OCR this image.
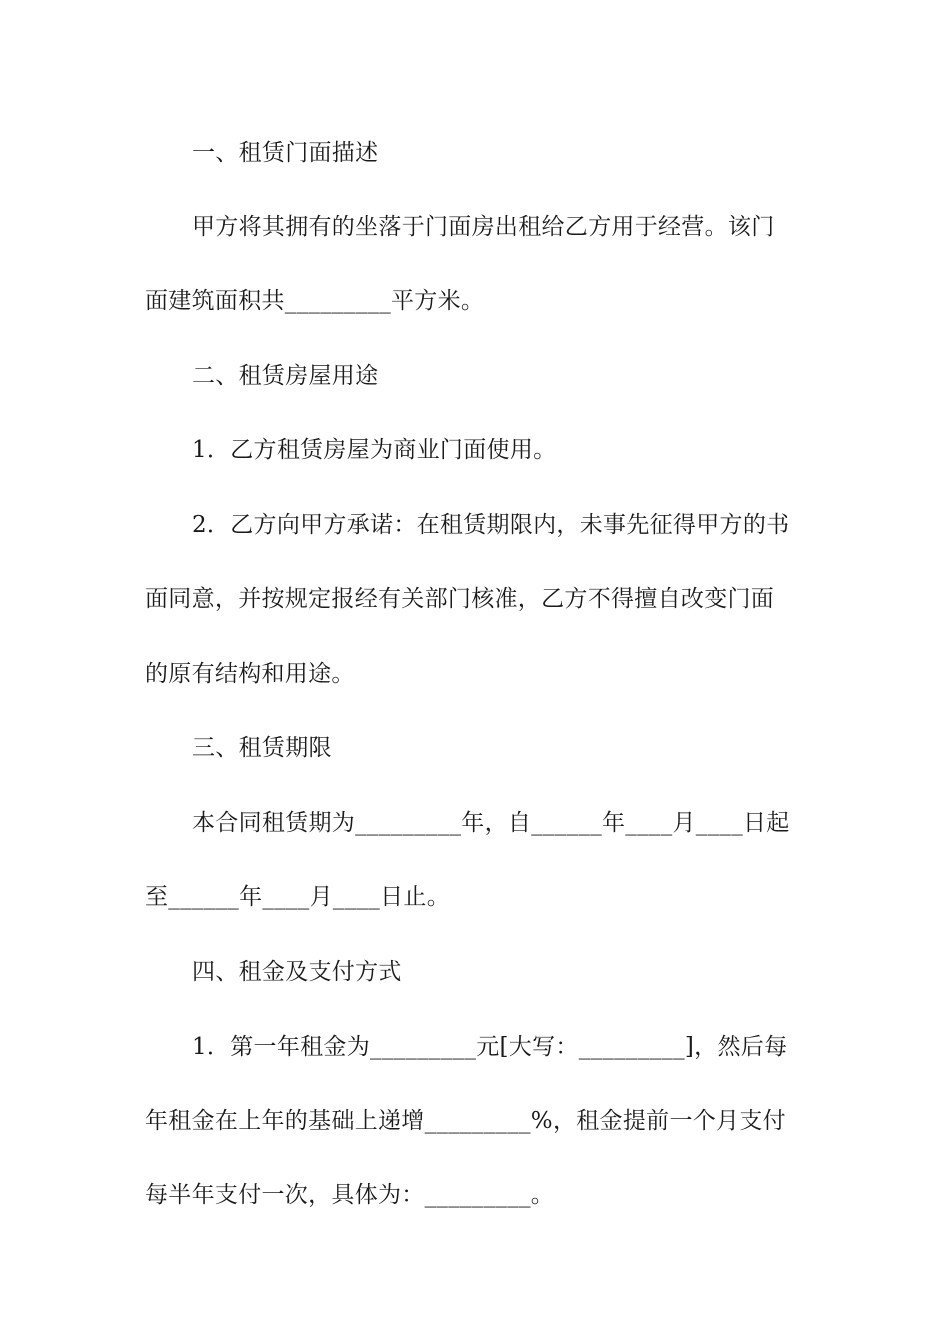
一、租赁门面描述
甲方将其拥有的坐落于门面房出租给乙方用于经营。该门
面建筑面积共_________平方米。
二、租赁房屋用途
1．乙方租赁房屋为商业门面使用。
2．乙方向甲方承诺：在租赁期限内，未事先征得甲方的书
面同意，并按规定报经有关部门核准，乙方不得擅自改变门面
的原有结构和用途。
三、租赁期限
本合同租赁期为_________年，自______年____月____日起
至______年____月____日止。
四、租金及支付方式
1．第一年租金为_________元[大写：_________]，然后每
年租金在上年的基础上递增_________%，租金提前一个月支付
每半年支付一次，具体为：_________。
